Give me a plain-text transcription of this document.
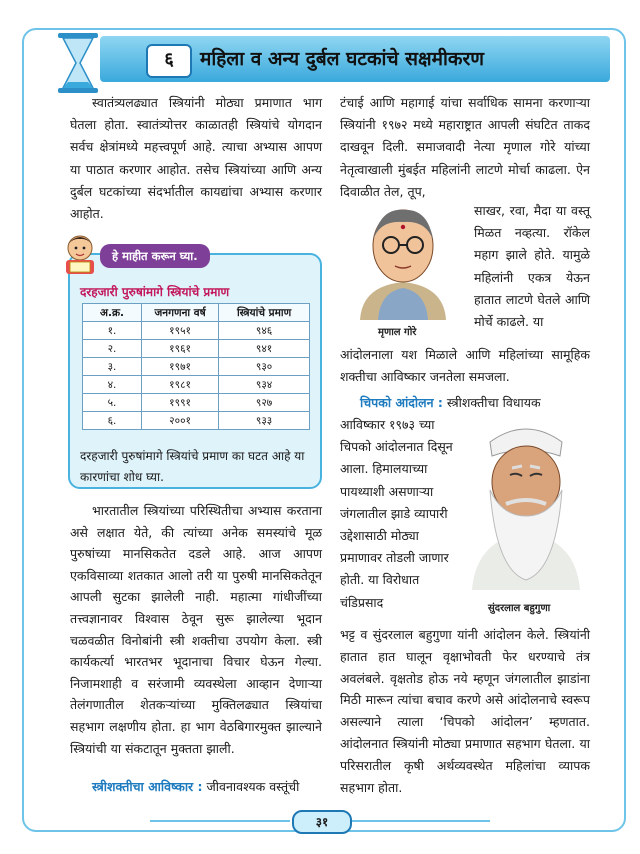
६	महिला व अन्य दुर्बल घटकांचे सक्षमीकरण

स्वातंत्र्यलढ्यात स्त्रियांनी मोठ्या प्रमाणात भाग घेतला होता. स्वातंत्र्योत्तर काळातही स्त्रियांचे योगदान सर्वच क्षेत्रांमध्ये महत्त्वपूर्ण आहे. त्याचा अभ्यास आपण या पाठात करणार आहोत. तसेच स्त्रियांच्या आणि अन्य दुर्बल घटकांच्या संदर्भातील कायद्यांचा अभ्यास करणार आहोत.

हे माहीत करून घ्या.
दरहजारी पुरुषांमागे स्त्रियांचे प्रमाण
अ.क्र.	जनगणना वर्ष	स्त्रियांचे प्रमाण
१.	१९५१	९४६
२.	१९६१	९४१
३.	१९७१	९३०
४.	१९८१	९३४
५.	१९९१	९२७
६.	२००१	९३३
दरहजारी पुरुषांमागे स्त्रियांचे प्रमाण का घटत आहे या कारणांचा शोध घ्या.

भारतातील स्त्रियांच्या परिस्थितीचा अभ्यास करताना असे लक्षात येते, की त्यांच्या अनेक समस्यांचे मूळ पुरुषांच्या मानसिकतेत दडले आहे. आज आपण एकविसाव्या शतकात आलो तरी या पुरुषी मानसिकतेतून आपली सुटका झालेली नाही. महात्मा गांधीजींच्या तत्त्वज्ञानावर विश्वास ठेवून सुरू झालेल्या भूदान चळवळीत विनोबांनी स्त्री शक्तीचा उपयोग केला. स्त्री कार्यकर्त्या भारतभर भूदानाचा विचार घेऊन गेल्या. निजामशाही व सरंजामी व्यवस्थेला आव्हान देणाऱ्या तेलंगणातील शेतकऱ्यांच्या मुक्तिलढ्यात स्त्रियांचा सहभाग लक्षणीय होता. हा भाग वेठबिगारमुक्त झाल्याने स्त्रियांची या संकटातून मुक्तता झाली.

स्त्रीशक्तीचा आविष्कार : जीवनावश्यक वस्तूंची

टंचाई आणि महागाई यांचा सर्वाधिक सामना करणाऱ्या स्त्रियांनी १९७२ मध्ये महाराष्ट्रात आपली संघटित ताकद दाखवून दिली. समाजवादी नेत्या मृणाल गोरे यांच्या नेतृत्वाखाली मुंबईत महिलांनी लाटणे मोर्चा काढला. ऐन दिवाळीत तेल, तूप,

मृणाल गोरे

साखर, रवा, मैदा या वस्तू मिळत नव्हत्या. रॉकेल महाग झाले होते. यामुळे महिलांनी एकत्र येऊन हातात लाटणे घेतले आणि मोर्चे काढले. या

आंदोलनाला यश मिळाले आणि महिलांच्या सामूहिक शक्तीचा आविष्कार जनतेला समजला.

चिपको आंदोलन : स्त्रीशक्तीचा विधायक

आविष्कार १९७३ च्या चिपको आंदोलनात दिसून आला. हिमालयाच्या पायथ्याशी असणाऱ्या जंगलातील झाडे व्यापारी उद्देशासाठी मोठ्या प्रमाणावर तोडली जाणार होती. या विरोधात चंडिप्रसाद	सुंदरलाल बहुगुणा

भट्ट व सुंदरलाल बहुगुणा यांनी आंदोलन केले. स्त्रियांनी हातात हात घालून वृक्षाभोवती फेर धरण्याचे तंत्र अवलंबले. वृक्षतोड होऊ नये म्हणून जंगलातील झाडांना मिठी मारून त्यांचा बचाव करणे असे आंदोलनाचे स्वरूप असल्याने त्याला ‘चिपको आंदोलन’ म्हणतात. आंदोलनात स्त्रियांनी मोठ्या प्रमाणात सहभाग घेतला. या परिसरातील कृषी अर्थव्यवस्थेत महिलांचा व्यापक सहभाग होता.

३१
